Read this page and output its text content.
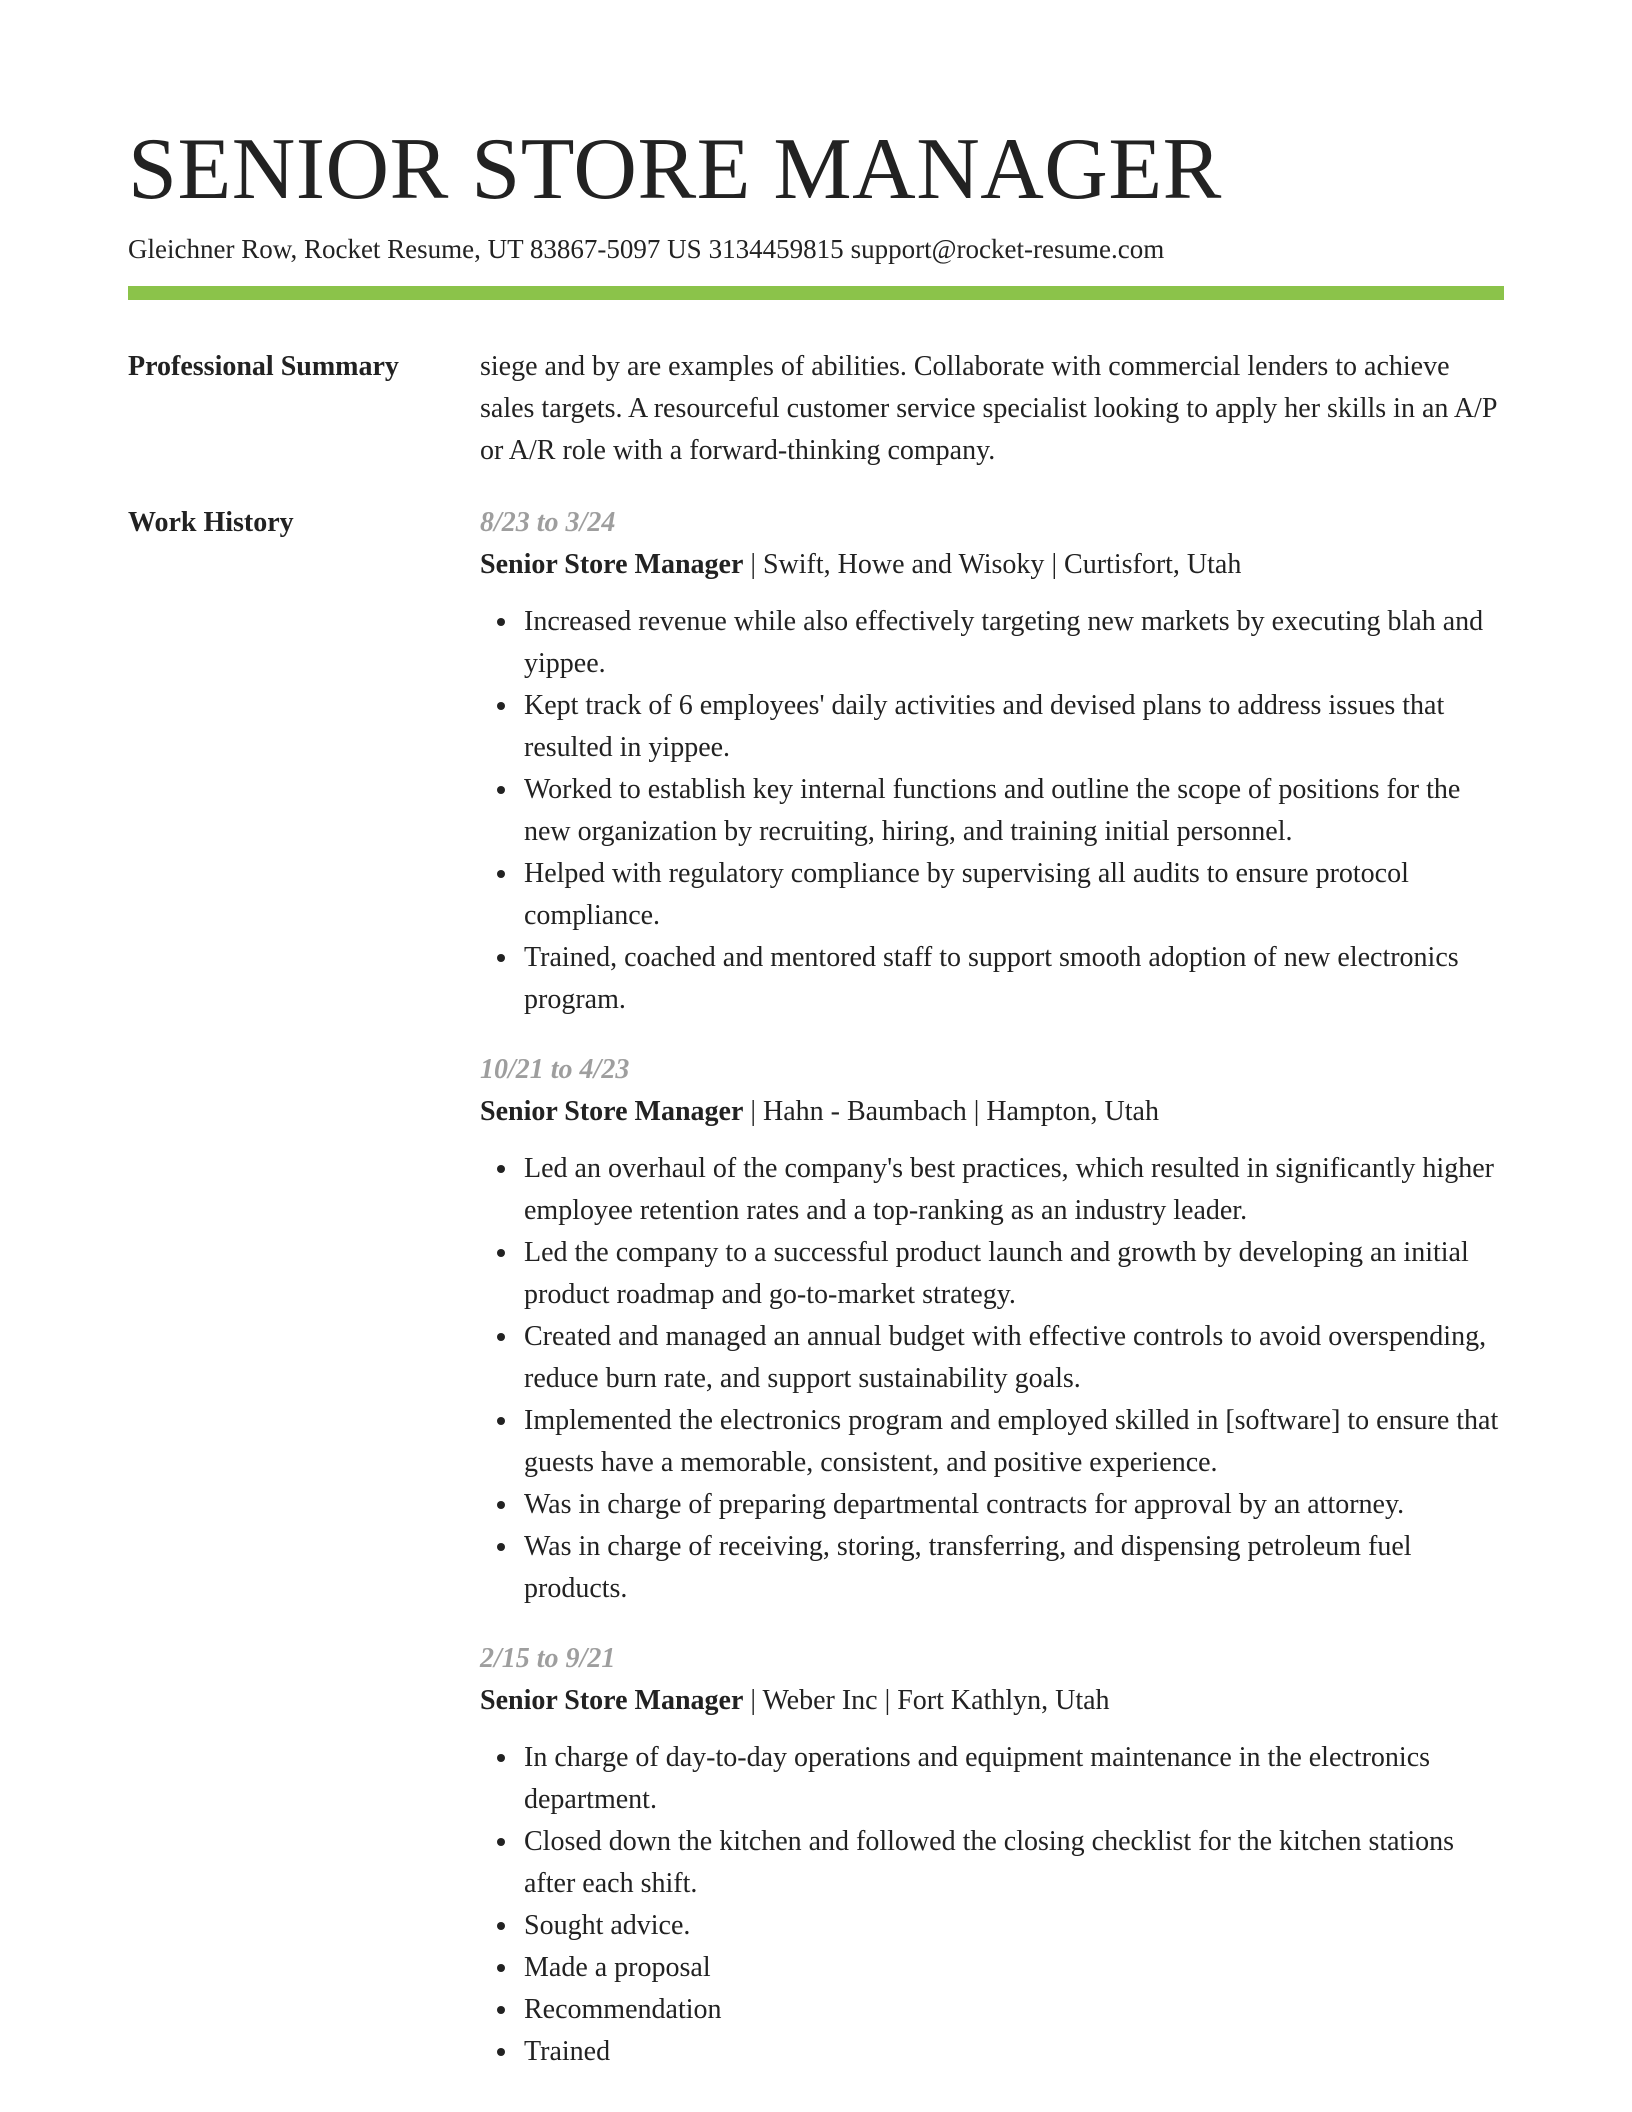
SENIOR STORE MANAGER
Gleichner Row, Rocket Resume, UT 83867-5097 US 3134459815 support@rocket-resume.com
Professional Summary	siege and by are examples of abilities. Collaborate with commercial lenders to achieve sales targets. A resourceful customer service specialist looking to apply her skills in an A/P or A/R role with a forward-thinking company.

Work History	8/23 to 3/24

Senior Store Manager | Swift, Howe and Wisoky | Curtisfort, Utah

Increased revenue while also effectively targeting new markets by executing blah and yippee.
Kept track of 6 employees' daily activities and devised plans to address issues that resulted in yippee.
Worked to establish key internal functions and outline the scope of positions for the new organization by recruiting, hiring, and training initial personnel.
Helped with regulatory compliance by supervising all audits to ensure protocol compliance.
Trained, coached and mentored staff to support smooth adoption of new electronics program.

10/21 to 4/23

Senior Store Manager | Hahn - Baumbach | Hampton, Utah

Led an overhaul of the company's best practices, which resulted in significantly higher employee retention rates and a top-ranking as an industry leader.
Led the company to a successful product launch and growth by developing an initial product roadmap and go-to-market strategy.
Created and managed an annual budget with effective controls to avoid overspending, reduce burn rate, and support sustainability goals.
Implemented the electronics program and employed skilled in [software] to ensure that guests have a memorable, consistent, and positive experience.
Was in charge of preparing departmental contracts for approval by an attorney.
Was in charge of receiving, storing, transferring, and dispensing petroleum fuel products.

2/15 to 9/21

Senior Store Manager | Weber Inc | Fort Kathlyn, Utah

In charge of day-to-day operations and equipment maintenance in the electronics department.
Closed down the kitchen and followed the closing checklist for the kitchen stations after each shift.
Sought advice.
Made a proposal
Recommendation
Trained
